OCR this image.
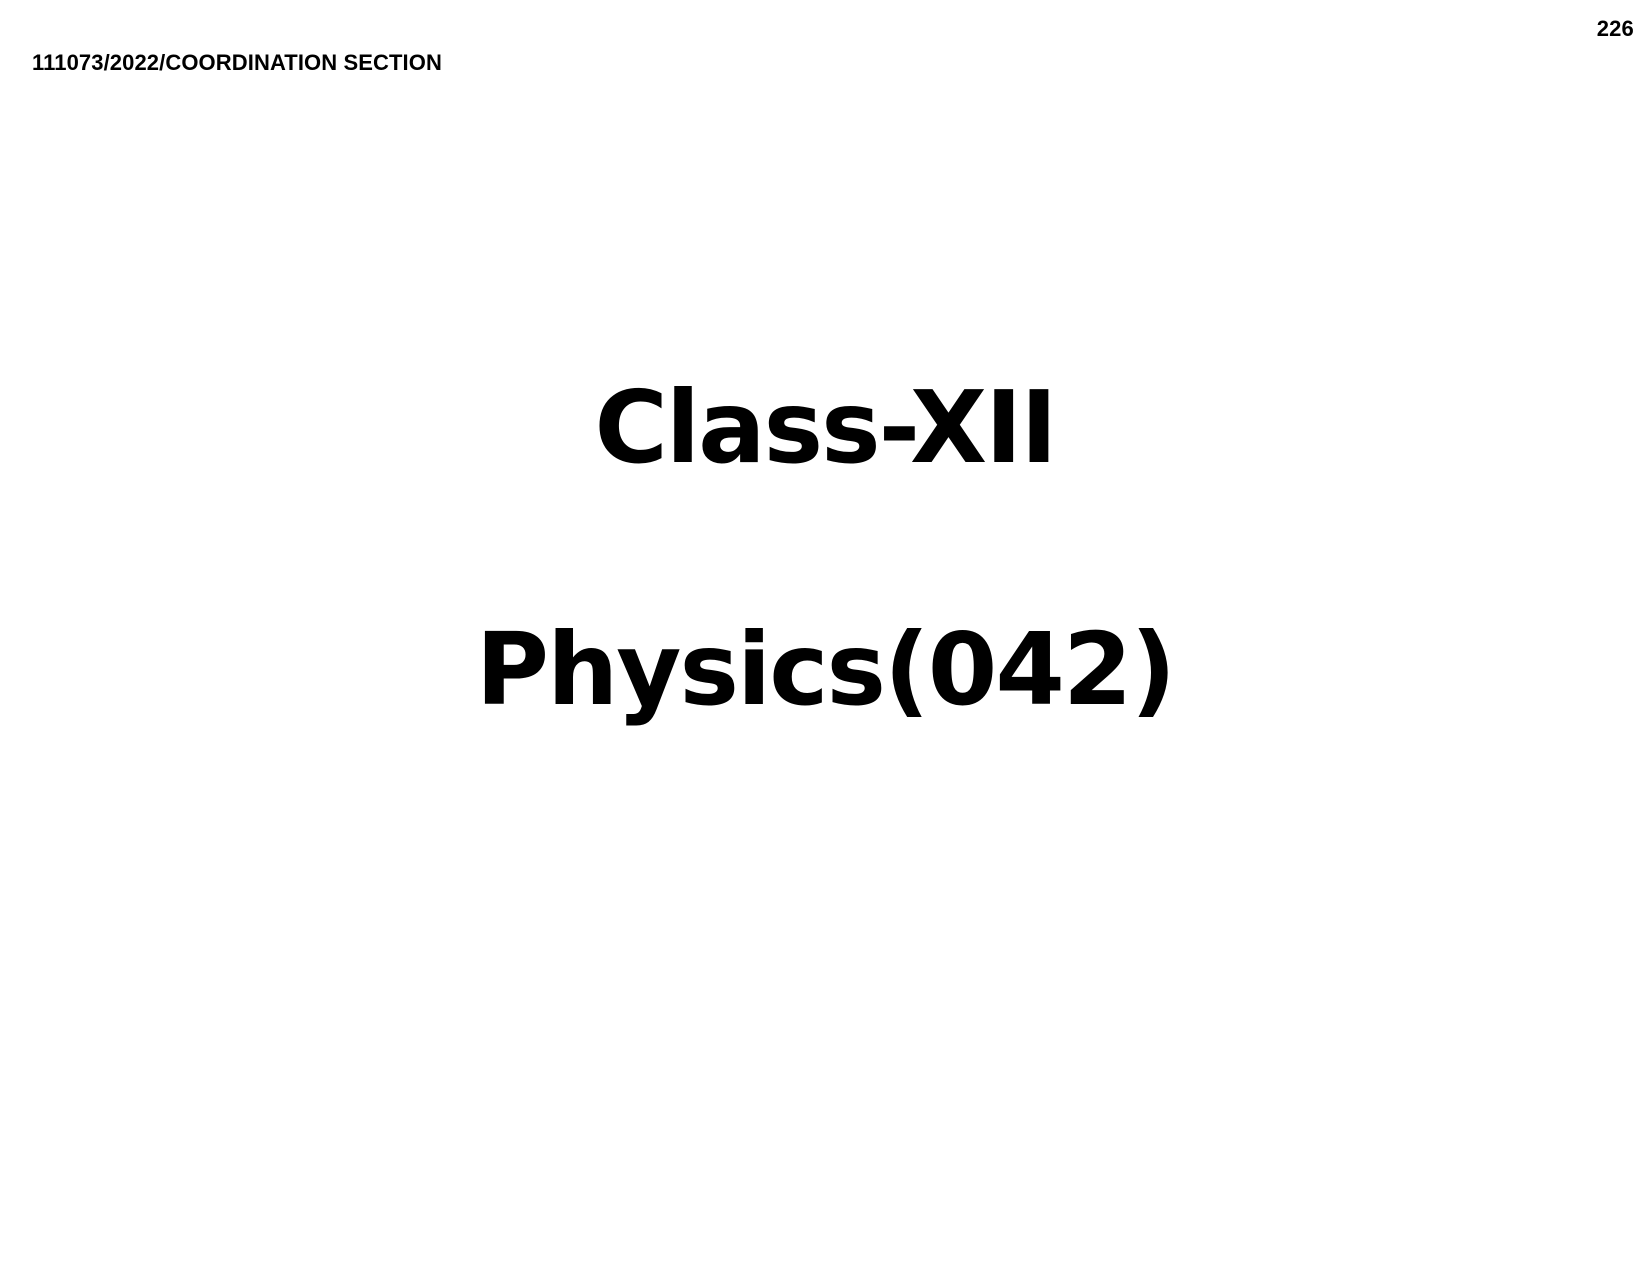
226
111073/2022/COORDINATION SECTION
Class-XII
Physics(042)
